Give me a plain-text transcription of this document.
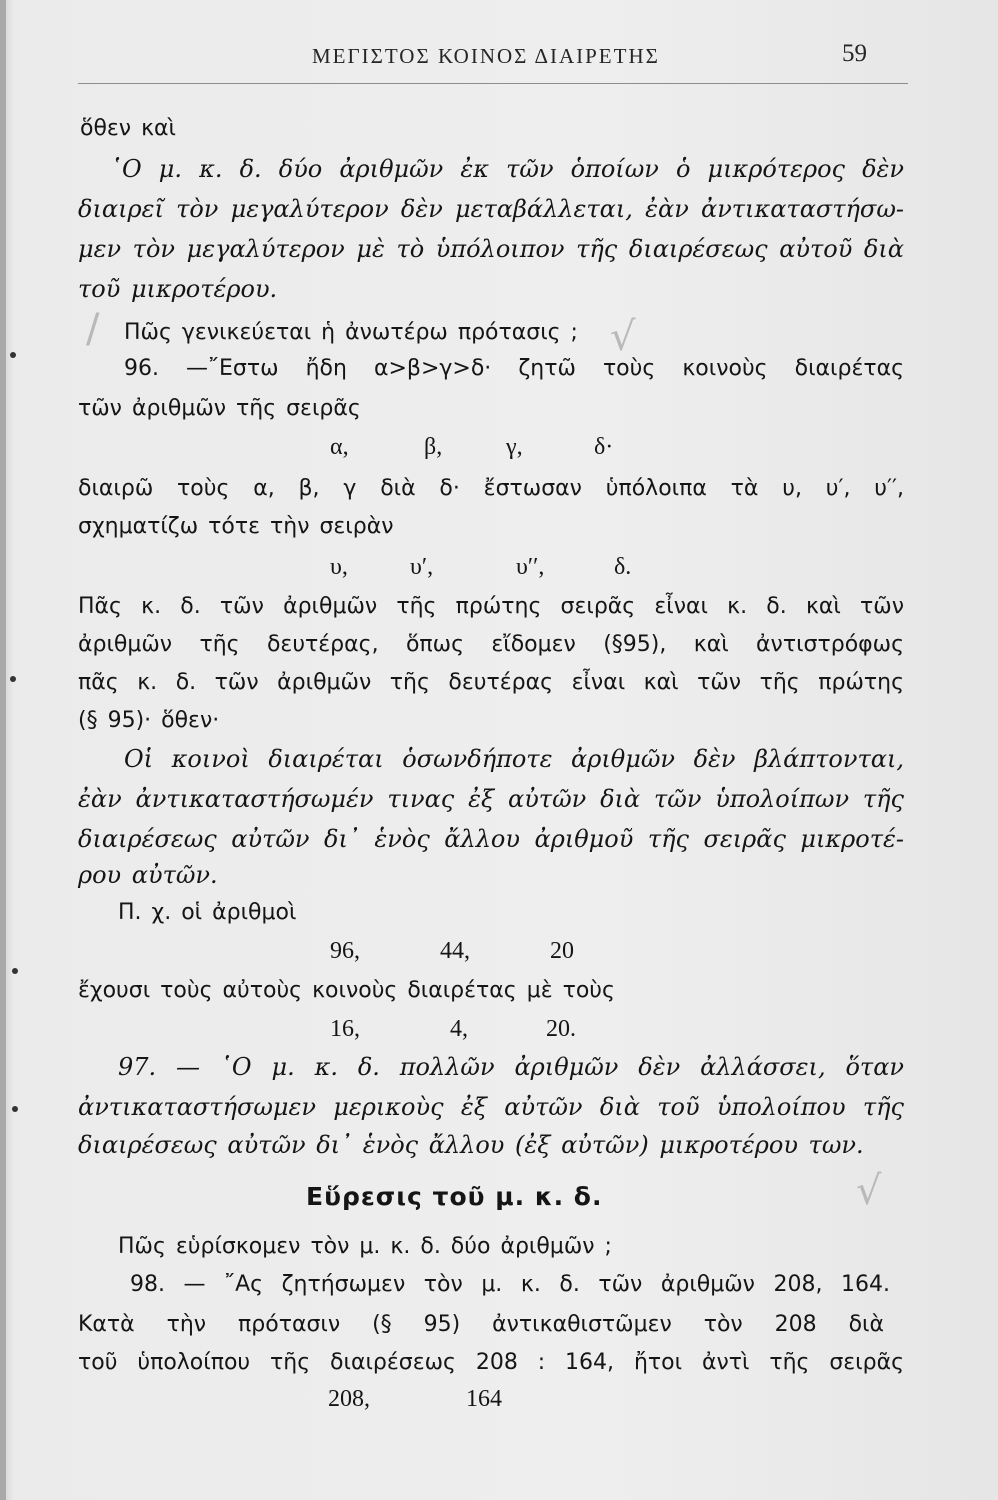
ΜΕΓΙΣΤΟΣ ΚΟΙΝΟΣ ΔΙΑΙΡΕΤΗΣ	59
ὅθεν καὶ
῾Ο μ. κ. δ. δύο ἀριθμῶν ἐκ τῶν ὁποίων ὁ μικρότερος δὲν
διαιρεῖ τὸν μεγαλύτερον δὲν μεταβάλλεται, ἐὰν ἀντικαταστήσω-
μεν τὸν μεγαλύτερον μὲ τὸ ὑπόλοιπον τῆς διαιρέσεως αὐτοῦ διὰ
τοῦ μικροτέρου.
Πῶς γενικεύεται ἡ ἀνωτέρω πρότασις ;
96. —῎Εστω ἤδη α>β>γ>δ· ζητῶ τοὺς κοινοὺς διαιρέτας
τῶν ἀριθμῶν τῆς σειρᾶς
α,	β,	γ,	δ·
διαιρῶ τοὺς α, β, γ διὰ δ· ἔστωσαν ὑπόλοιπα τὰ υ, υ′, υ′′,
σχηματίζω τότε τὴν σειρὰν
υ,	υ′,	υ′′,	δ.
Πᾶς κ. δ. τῶν ἀριθμῶν τῆς πρώτης σειρᾶς εἶναι κ. δ. καὶ τῶν
ἀριθμῶν τῆς δευτέρας, ὅπως εἴδομεν (§95), καὶ ἀντιστρόφως
πᾶς κ. δ. τῶν ἀριθμῶν τῆς δευτέρας εἶναι καὶ τῶν τῆς πρώτης
(§ 95)· ὅθεν·
Οἱ κοινοὶ διαιρέται ὁσωνδήποτε ἀριθμῶν δὲν βλάπτονται,
ἐὰν ἀντικαταστήσωμέν τινας ἐξ αὐτῶν διὰ τῶν ὑπολοίπων τῆς
διαιρέσεως αὐτῶν δι᾽ ἑνὸς ἄλλου ἀριθμοῦ τῆς σειρᾶς μικροτέ-
ρου αὐτῶν.
Π. χ. οἱ ἀριθμοὶ
96,	44,	20
ἔχουσι τοὺς αὐτοὺς κοινοὺς διαιρέτας μὲ τοὺς
16,	4,	20.
97. — ῾Ο μ. κ. δ. πολλῶν ἀριθμῶν δὲν ἀλλάσσει, ὅταν
ἀντικαταστήσωμεν μερικοὺς ἐξ αὐτῶν διὰ τοῦ ὑπολοίπου τῆς
διαιρέσεως αὐτῶν δι᾽ ἑνὸς ἄλλου (ἐξ αὐτῶν) μικροτέρου των.
Εὕρεσις τοῦ μ. κ. δ.
Πῶς εὑρίσκομεν τὸν μ. κ. δ. δύο ἀριθμῶν ;
98. — ῎Ας ζητήσωμεν τὸν μ. κ. δ. τῶν ἀριθμῶν 208, 164.
Κατὰ τὴν πρότασιν (§ 95) ἀντικαθιστῶμεν τὸν 208 διὰ
τοῦ ὑπολοίπου τῆς διαιρέσεως 208 : 164, ἤτοι ἀντὶ τῆς σειρᾶς
208,	164
/	√
√
